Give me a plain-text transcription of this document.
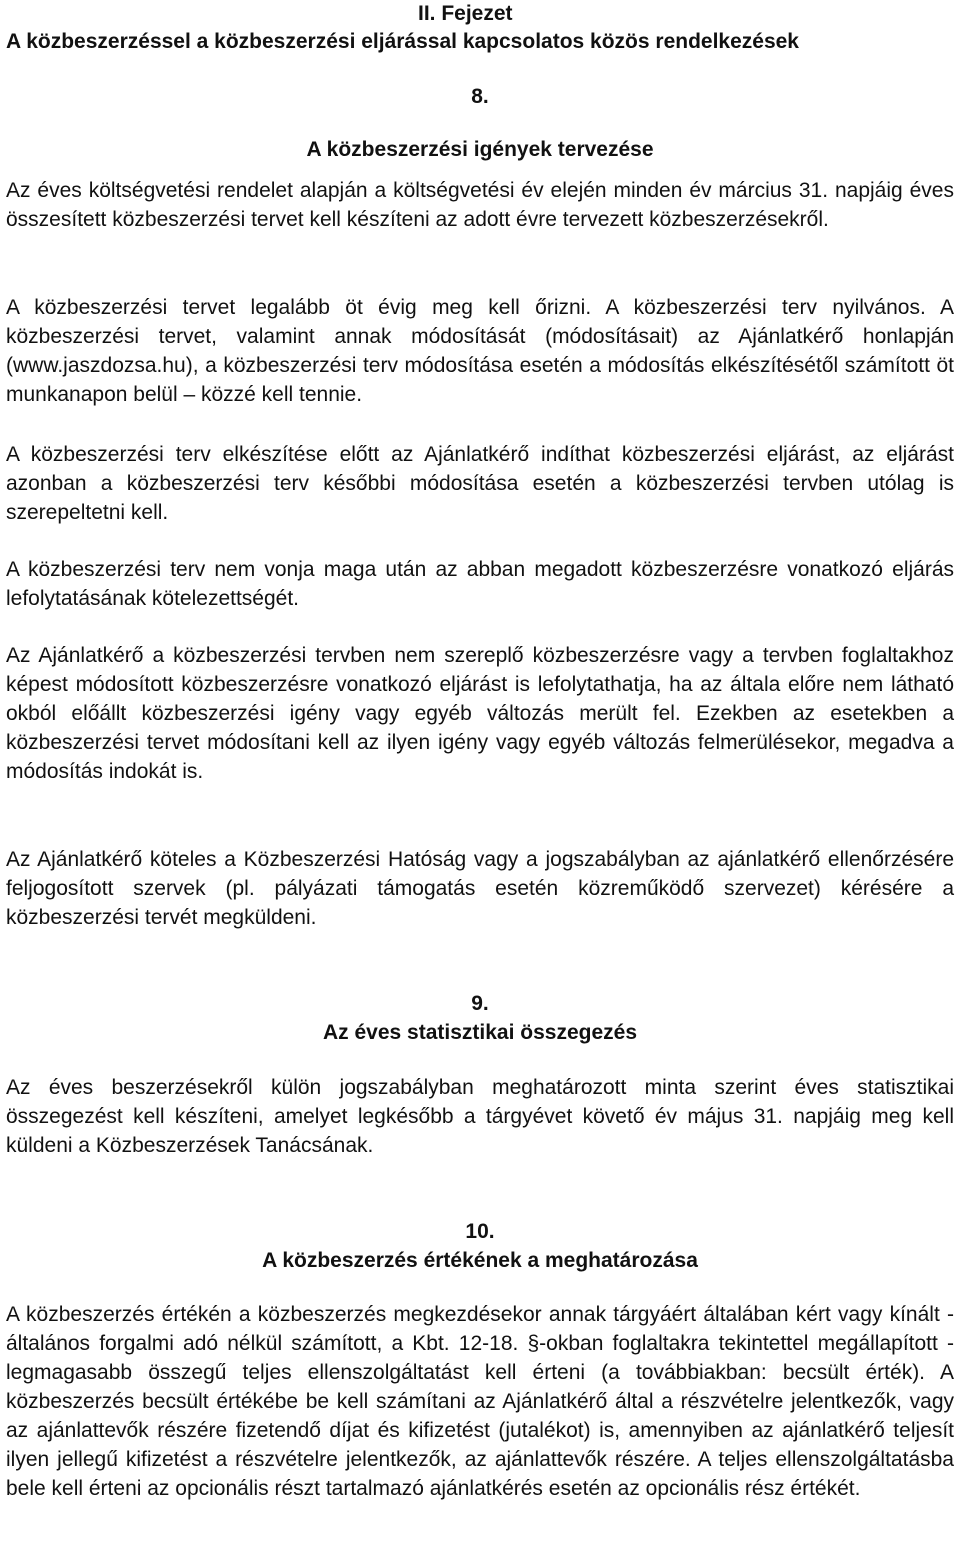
II. Fejezet
A közbeszerzéssel a közbeszerzési eljárással kapcsolatos közös rendelkezések
8.
A közbeszerzési igények tervezése

Az éves költségvetési rendelet alapján a költségvetési év elején minden év március 31. napjáig éves összesített közbeszerzési tervet kell készíteni az adott évre tervezett közbeszerzésekről.

A közbeszerzési tervet legalább öt évig meg kell őrizni. A közbeszerzési terv nyilvános. A közbeszerzési tervet, valamint annak módosítását (módosításait) az Ajánlatkérő honlapján (www.jaszdozsa.hu), a közbeszerzési terv módosítása esetén a módosítás elkészítésétől számított öt munkanapon belül – közzé kell tennie.

A közbeszerzési terv elkészítése előtt az Ajánlatkérő indíthat közbeszerzési eljárást, az eljárást azonban a közbeszerzési terv későbbi módosítása esetén a közbeszerzési tervben utólag is szerepeltetni kell.

A közbeszerzési terv nem vonja maga után az abban megadott közbeszerzésre vonatkozó eljárás lefolytatásának kötelezettségét.

Az Ajánlatkérő a közbeszerzési tervben nem szereplő közbeszerzésre vagy a tervben foglaltakhoz képest módosított közbeszerzésre vonatkozó eljárást is lefolytathatja, ha az általa előre nem látható okból előállt közbeszerzési igény vagy egyéb változás merült fel. Ezekben az esetekben a közbeszerzési tervet módosítani kell az ilyen igény vagy egyéb változás felmerülésekor, megadva a módosítás indokát is.

Az Ajánlatkérő köteles a Közbeszerzési Hatóság vagy a jogszabályban az ajánlatkérő ellenőrzésére feljogosított szervek (pl. pályázati támogatás esetén közreműködő szervezet) kérésére a közbeszerzési tervét megküldeni.

9.
Az éves statisztikai összegezés

Az éves beszerzésekről külön jogszabályban meghatározott minta szerint éves statisztikai összegezést kell készíteni, amelyet legkésőbb a tárgyévet követő év május 31. napjáig meg kell küldeni a Közbeszerzések Tanácsának.

10.
A közbeszerzés értékének a meghatározása

A közbeszerzés értékén a közbeszerzés megkezdésekor annak tárgyáért általában kért vagy kínált - általános forgalmi adó nélkül számított, a Kbt. 12-18. §-okban foglaltakra tekintettel megállapított - legmagasabb összegű teljes ellenszolgáltatást kell érteni (a továbbiakban: becsült érték). A közbeszerzés becsült értékébe be kell számítani az Ajánlatkérő által a részvételre jelentkezők, vagy az ajánlattevők részére fizetendő díjat és kifizetést (jutalékot) is, amennyiben az ajánlatkérő teljesít ilyen jellegű kifizetést a részvételre jelentkezők, az ajánlattevők részére. A teljes ellenszolgáltatásba bele kell érteni az opcionális részt tartalmazó ajánlatkérés esetén az opcionális rész értékét.
